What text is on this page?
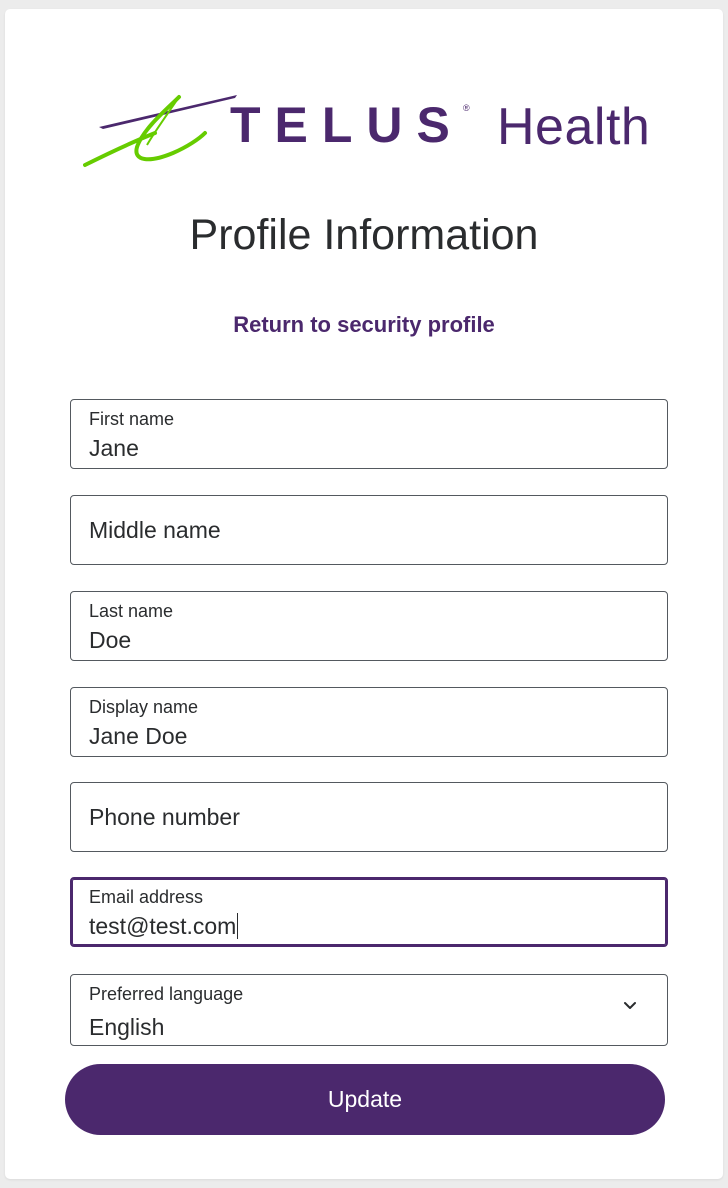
TELUS ® Health
Profile Information
Return to security profile
First name
Jane
Middle name
Last name
Doe
Display name
Jane Doe
Phone number
Email address
test@test.com
Preferred language
English
Update
